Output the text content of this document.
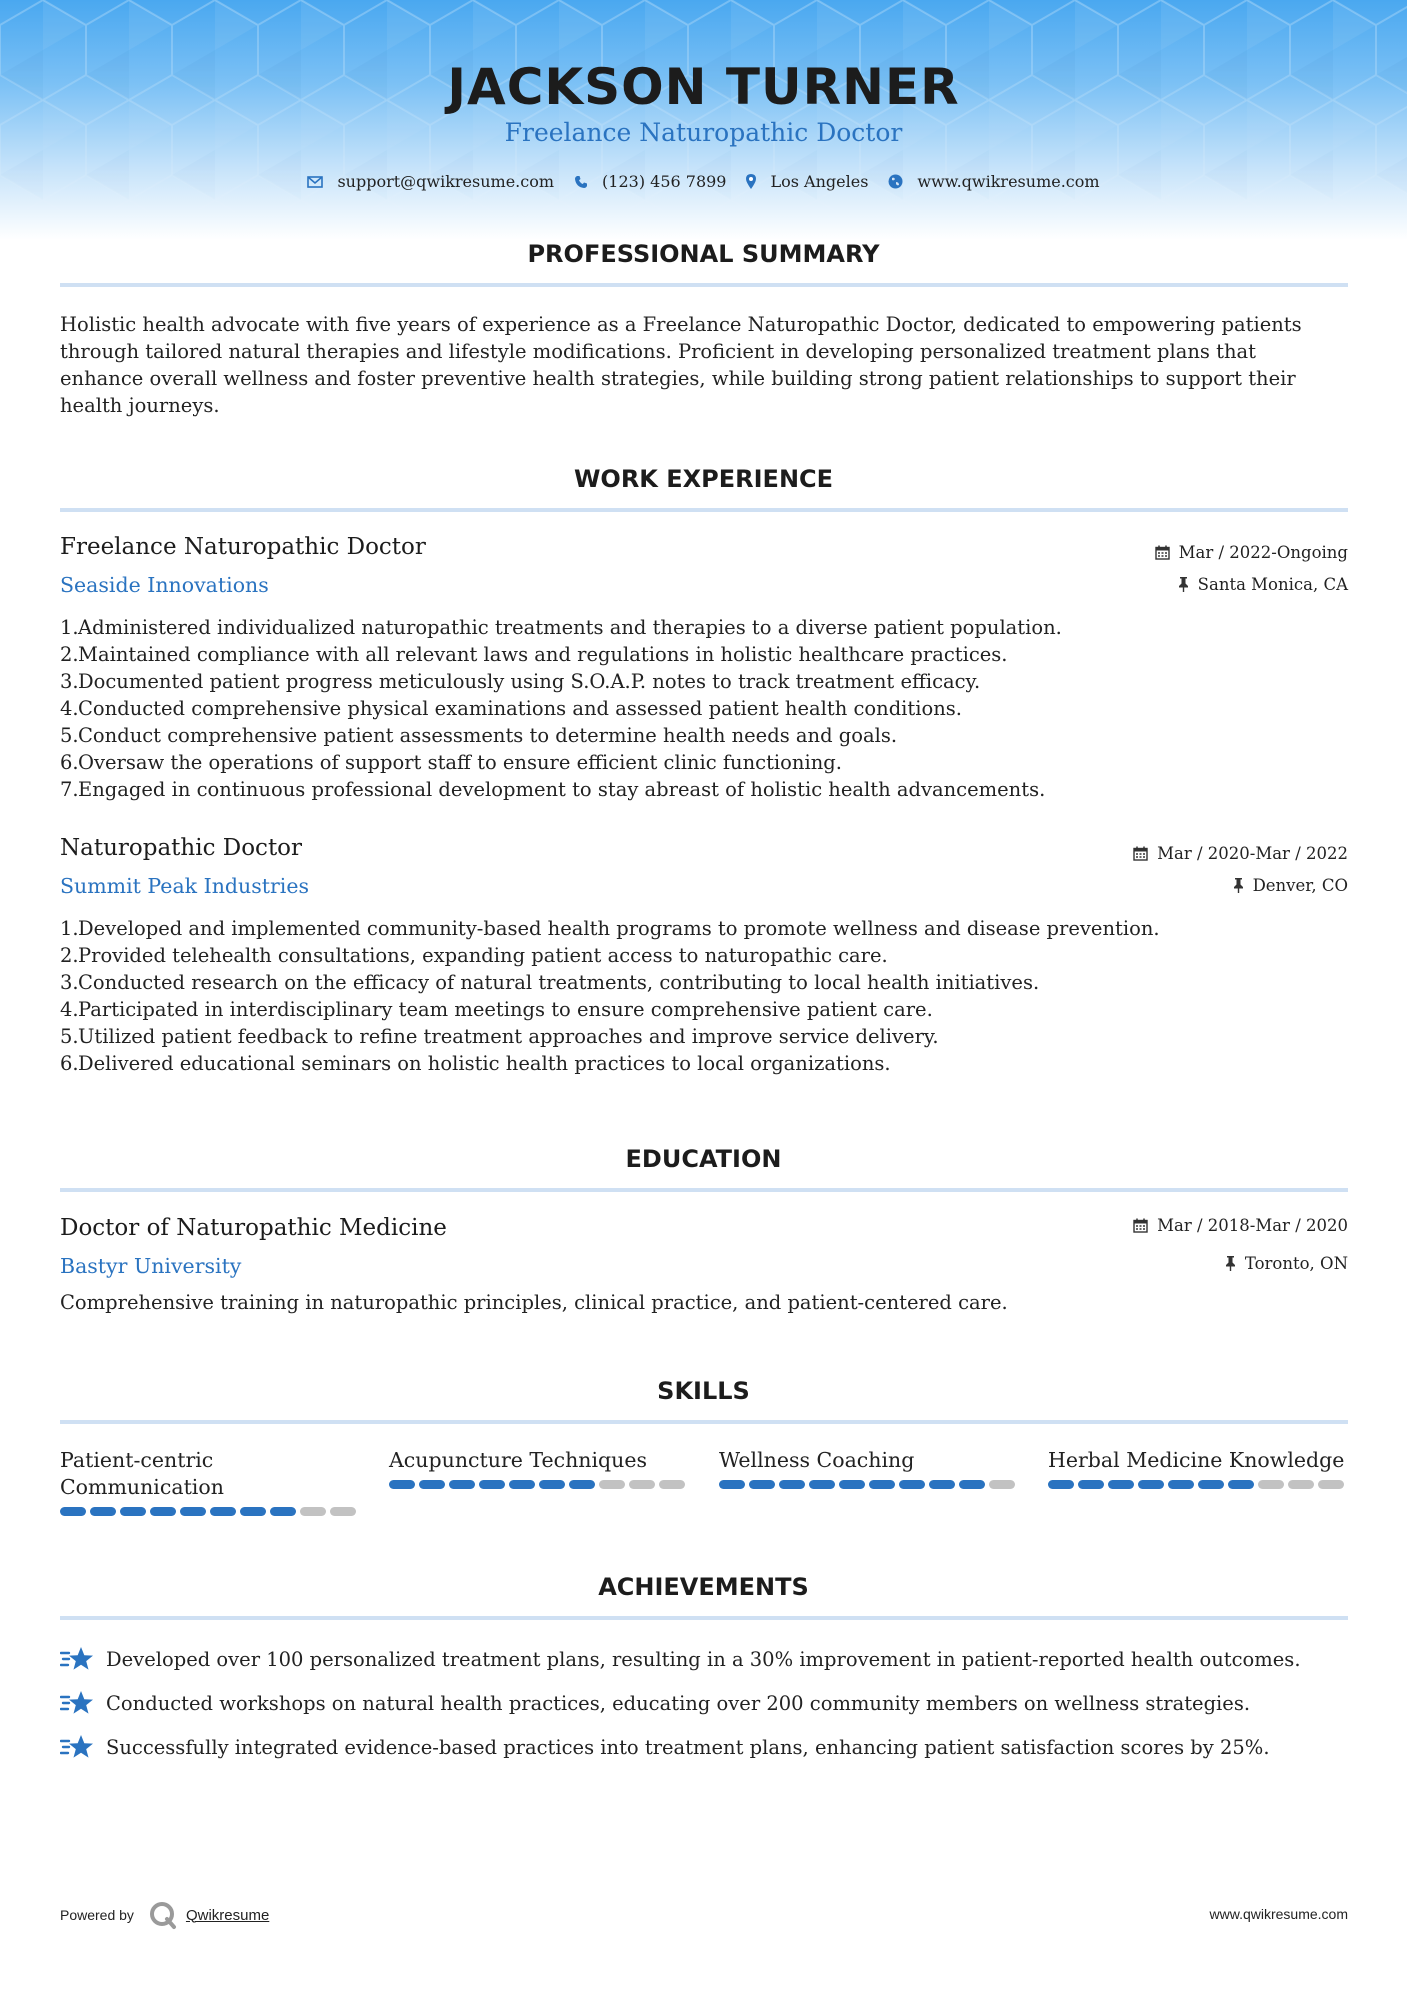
JACKSON TURNER
Freelance Naturopathic Doctor
support@qwikresume.com	(123) 456 7899	Los Angeles	www.qwikresume.com
PROFESSIONAL SUMMARY
Holistic health advocate with five years of experience as a Freelance Naturopathic Doctor, dedicated to empowering patients
through tailored natural therapies and lifestyle modifications. Proficient in developing personalized treatment plans that
enhance overall wellness and foster preventive health strategies, while building strong patient relationships to support their
health journeys.
WORK EXPERIENCE
Freelance Naturopathic Doctor
Seaside Innovations
Mar / 2022-Ongoing
Santa Monica, CA
1. Administered individualized naturopathic treatments and therapies to a diverse patient population.
2. Maintained compliance with all relevant laws and regulations in holistic healthcare practices.
3. Documented patient progress meticulously using S.O.A.P. notes to track treatment efficacy.
4. Conducted comprehensive physical examinations and assessed patient health conditions.
5. Conduct comprehensive patient assessments to determine health needs and goals.
6. Oversaw the operations of support staff to ensure efficient clinic functioning.
7. Engaged in continuous professional development to stay abreast of holistic health advancements.
Naturopathic Doctor
Summit Peak Industries
Mar / 2020-Mar / 2022
Denver, CO
1. Developed and implemented community-based health programs to promote wellness and disease prevention.
2. Provided telehealth consultations, expanding patient access to naturopathic care.
3. Conducted research on the efficacy of natural treatments, contributing to local health initiatives.
4. Participated in interdisciplinary team meetings to ensure comprehensive patient care.
5. Utilized patient feedback to refine treatment approaches and improve service delivery.
6. Delivered educational seminars on holistic health practices to local organizations.
EDUCATION
Doctor of Naturopathic Medicine
Bastyr University
Mar / 2018-Mar / 2020
Toronto, ON
Comprehensive training in naturopathic principles, clinical practice, and patient-centered care.
SKILLS
Patient-centric
Communication
Acupuncture Techniques	Wellness Coaching	Herbal Medicine Knowledge
ACHIEVEMENTS
Developed over 100 personalized treatment plans, resulting in a 30% improvement in patient-reported health outcomes.
Conducted workshops on natural health practices, educating over 200 community members on wellness strategies.
Successfully integrated evidence-based practices into treatment plans, enhancing patient satisfaction scores by 25%.
Powered by	Qwikresume	www.qwikresume.com
